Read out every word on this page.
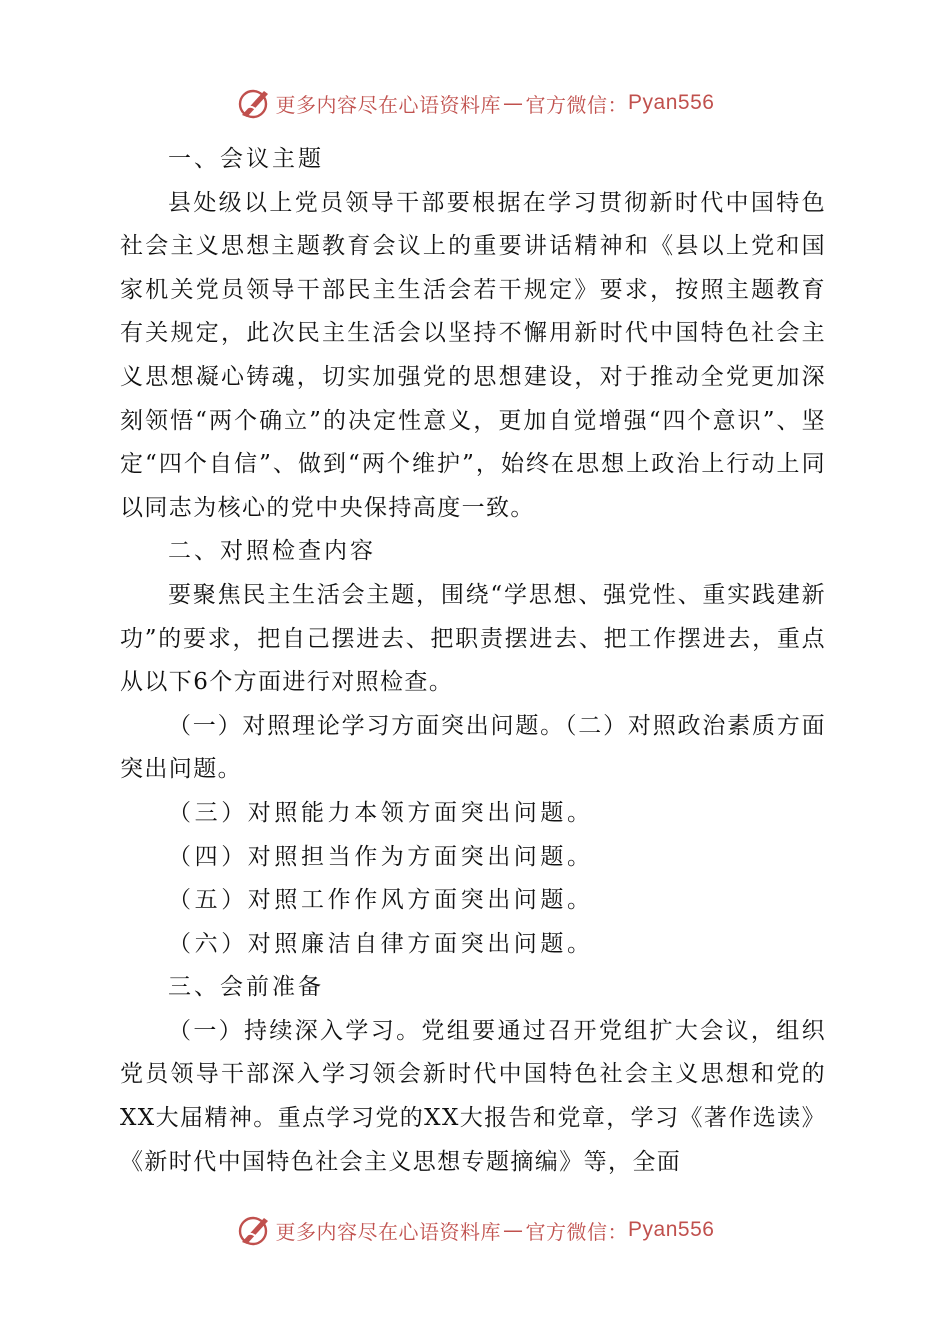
更多内容尽在心语资料库 — 官方微信： Pyan556

一、会议主题

县处级以上党员领导干部要根据在学习贯彻新时代中国特色社会主义思想主题教育会议上的重要讲话精神和《县以上党和国家机关党员领导干部民主生活会若干规定》要求，按照主题教育有关规定，此次民主生活会以坚持不懈用新时代中国特色社会主义思想凝心铸魂，切实加强党的思想建设，对于推动全党更加深刻领悟“两个确立”的决定性意义，更加自觉增强“四个意识”、坚定“四个自信”、做到“两个维护”，始终在思想上政治上行动上同以同志为核心的党中央保持高度一致。

二、对照检查内容

要聚焦民主生活会主题，围绕“学思想、强党性、重实践建新功”的要求，把自己摆进去、把职责摆进去、把工作摆进去，重点从以下6个方面进行对照检查。

（一）对照理论学习方面突出问题。（二）对照政治素质方面突出问题。

（三）对照能力本领方面突出问题。

（四）对照担当作为方面突出问题。

（五）对照工作作风方面突出问题。

（六）对照廉洁自律方面突出问题。

三、会前准备

（一）持续深入学习。党组要通过召开党组扩大会议，组织党员领导干部深入学习领会新时代中国特色社会主义思想和党的XX大届精神。重点学习党的XX大报告和党章，学习《著作选读》《新时代中国特色社会主义思想专题摘编》等，全面

更多内容尽在心语资料库 — 官方微信： Pyan556
